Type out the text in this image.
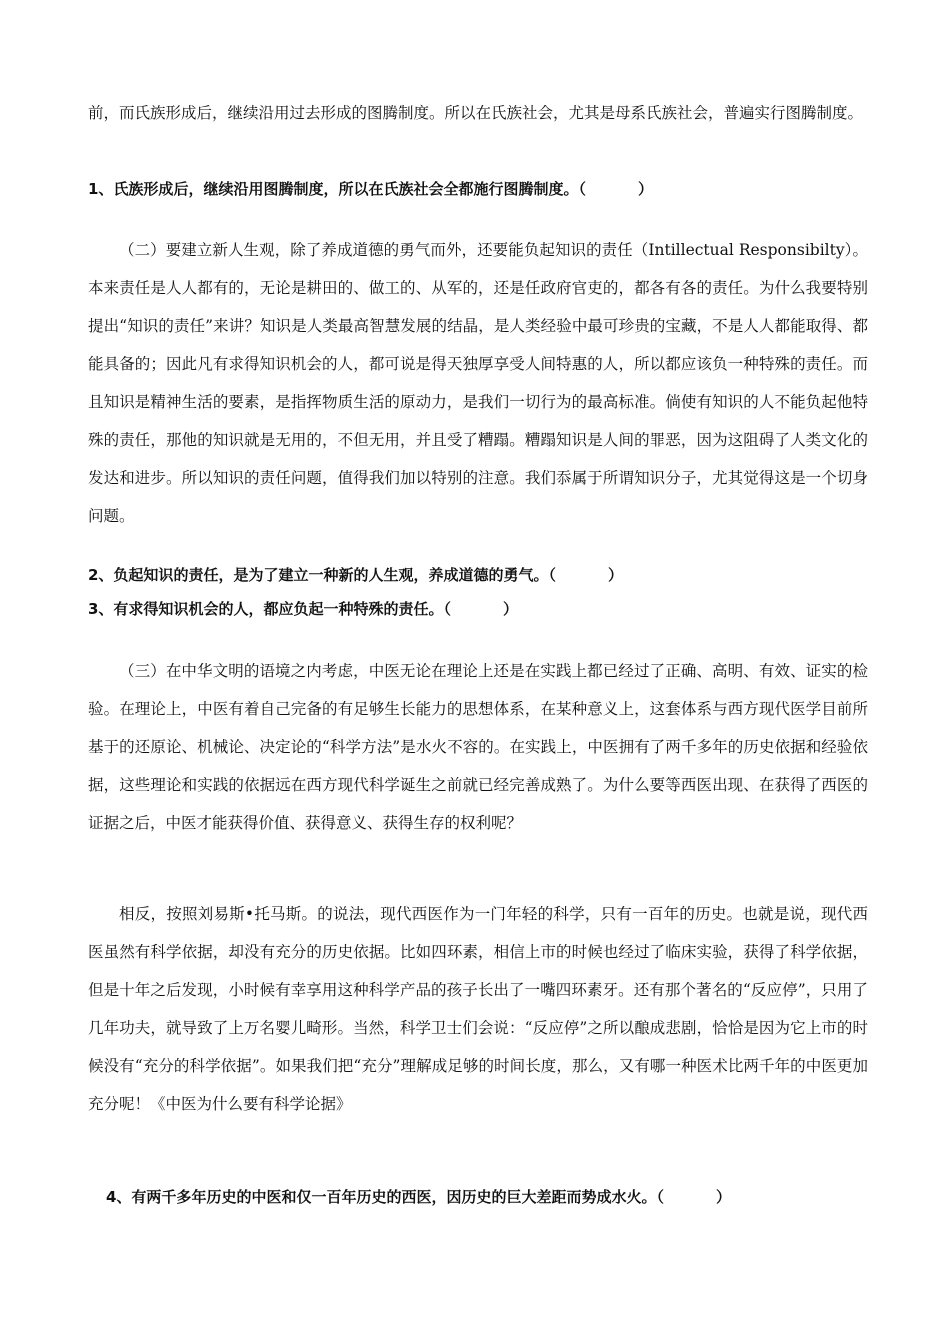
前，而氏族形成后，继续沿用过去形成的图腾制度。所以在氏族社会，尤其是母系氏族社会，普遍实行图腾制度。

1、氏族形成后，继续沿用图腾制度，所以在氏族社会全都施行图腾制度。（	）

（二）要建立新人生观，除了养成道德的勇气而外，还要能负起知识的责任（Intillectual Responsibilty）。本来责任是人人都有的，无论是耕田的、做工的、从军的，还是任政府官吏的，都各有各的责任。为什么我要特别提出“知识的责任”来讲？知识是人类最高智慧发展的结晶，是人类经验中最可珍贵的宝藏，不是人人都能取得、都能具备的；因此凡有求得知识机会的人，都可说是得天独厚享受人间特惠的人，所以都应该负一种特殊的责任。而且知识是精神生活的要素，是指挥物质生活的原动力，是我们一切行为的最高标准。倘使有知识的人不能负起他特殊的责任，那他的知识就是无用的，不但无用，并且受了糟蹋。糟蹋知识是人间的罪恶，因为这阻碍了人类文化的发达和进步。所以知识的责任问题，值得我们加以特别的注意。我们忝属于所谓知识分子，尤其觉得这是一个切身问题。

2、负起知识的责任，是为了建立一种新的人生观，养成道德的勇气。（	）

3、有求得知识机会的人，都应负起一种特殊的责任。（	）

（三）在中华文明的语境之内考虑，中医无论在理论上还是在实践上都已经过了正确、高明、有效、证实的检验。在理论上，中医有着自己完备的有足够生长能力的思想体系，在某种意义上，这套体系与西方现代医学目前所基于的还原论、机械论、决定论的“科学方法”是水火不容的。在实践上，中医拥有了两千多年的历史依据和经验依据，这些理论和实践的依据远在西方现代科学诞生之前就已经完善成熟了。为什么要等西医出现、在获得了西医的证据之后，中医才能获得价值、获得意义、获得生存的权利呢？

相反，按照刘易斯•托马斯。的说法，现代西医作为一门年轻的科学，只有一百年的历史。也就是说，现代西医虽然有科学依据，却没有充分的历史依据。比如四环素，相信上市的时候也经过了临床实验，获得了科学依据，但是十年之后发现，小时候有幸享用这种科学产品的孩子长出了一嘴四环素牙。还有那个著名的“反应停”，只用了几年功夫，就导致了上万名婴儿畸形。当然，科学卫士们会说：“反应停”之所以酿成悲剧，恰恰是因为它上市的时候没有“充分的科学依据”。如果我们把“充分”理解成足够的时间长度，那么，又有哪一种医术比两千年的中医更加充分呢！《中医为什么要有科学论据》

4、有两千多年历史的中医和仅一百年历史的西医，因历史的巨大差距而势成水火。（	）
